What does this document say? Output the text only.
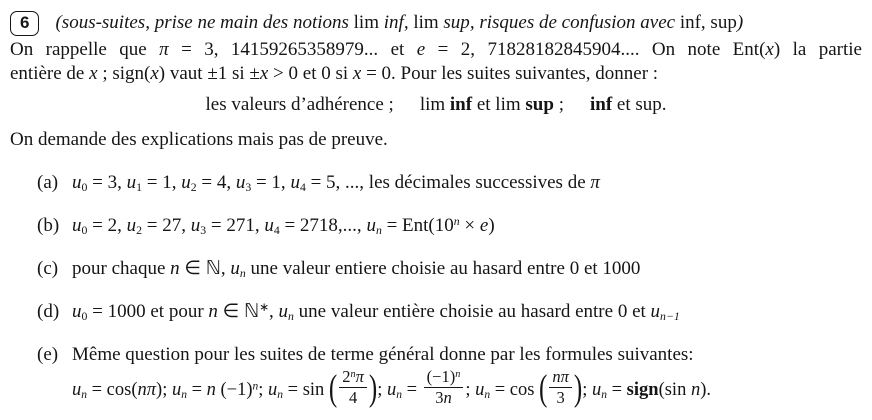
6	(sous-suites, prise ne main des notions lim inf, lim sup, risques de confusion avec inf, sup)
On rappelle que π = 3, 14159265358979... et e = 2, 71828182845904.... On note Ent(x) la partie
entière de x ; sign(x) vaut ±1 si ±x > 0 et 0 si x = 0. Pour les suites suivantes, donner :
les valeurs d’adhérence ; lim inf et lim sup ; inf et sup.
On demande des explications mais pas de preuve.
(a) $u_0 = 3$, $u_1 = 1$, $u_2 = 4$, $u_3 = 1$, $u_4 = 5$, ..., les décimales successives de π
(b) $u_0 = 2$, $u_2 = 27$, $u_3 = 271$, $u_4 = 2718$,..., $u_n = Ent(10^n \times e)$
(c) pour chaque n ∈ ℕ, $u_n$ une valeur entiere choisie au hasard entre 0 et 1000
(d) $u_0 = 1000$ et pour n ∈ ℕ∗, $u_n$ une valeur entière choisie au hasard entre 0 et $u_{n-1}$
(e) Même question pour les suites de terme général donne par les formules suivantes:
$u_n = \cos(n\pi)$; $u_n = n$ $(-1)^n$; $u_n = \sin$ ( $\frac{2^n\pi}{4}$ ); $u_n = \frac{(-1)^n}{3n}$ ; $u_n = \cos$ ( $\frac{n\pi}{3}$ ); $u_n$ = sign(sin n).
